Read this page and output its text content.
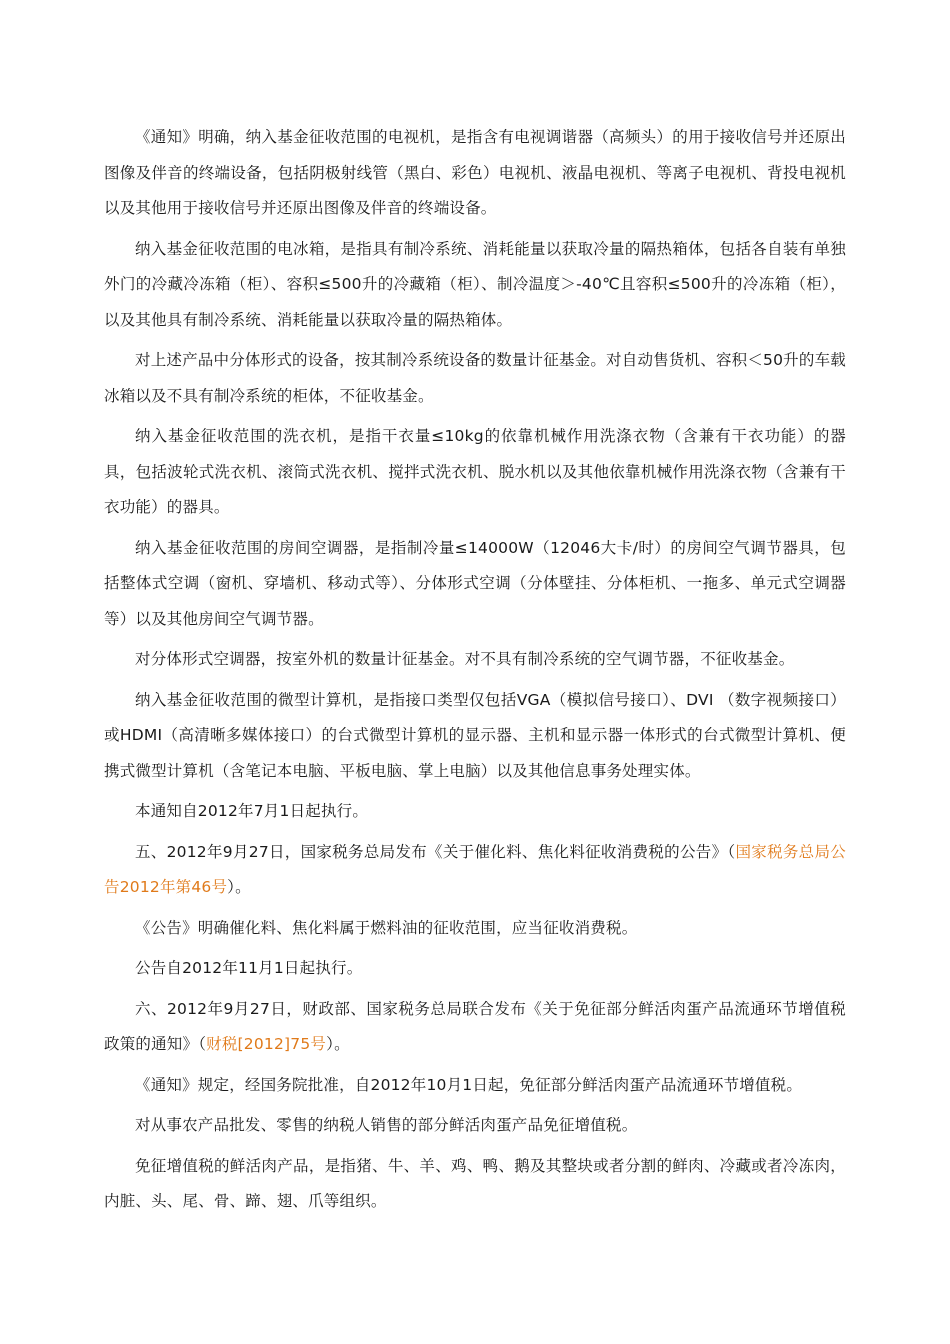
《通知》明确，纳入基金征收范围的电视机，是指含有电视调谐器（高频头）的用于接收信号并还原出图像及伴音的终端设备，包括阴极射线管（黑白、彩色）电视机、液晶电视机、等离子电视机、背投电视机以及其他用于接收信号并还原出图像及伴音的终端设备。

纳入基金征收范围的电冰箱，是指具有制冷系统、消耗能量以获取冷量的隔热箱体，包括各自装有单独外门的冷藏冷冻箱（柜）、容积≤500升的冷藏箱（柜）、制冷温度＞-40℃且容积≤500升的冷冻箱（柜），以及其他具有制冷系统、消耗能量以获取冷量的隔热箱体。

对上述产品中分体形式的设备，按其制冷系统设备的数量计征基金。对自动售货机、容积＜50升的车载冰箱以及不具有制冷系统的柜体，不征收基金。

纳入基金征收范围的洗衣机，是指干衣量≤10kg的依靠机械作用洗涤衣物（含兼有干衣功能）的器具，包括波轮式洗衣机、滚筒式洗衣机、搅拌式洗衣机、脱水机以及其他依靠机械作用洗涤衣物（含兼有干衣功能）的器具。

纳入基金征收范围的房间空调器，是指制冷量≤14000W（12046大卡/时）的房间空气调节器具，包括整体式空调（窗机、穿墙机、移动式等）、分体形式空调（分体壁挂、分体柜机、一拖多、单元式空调器等）以及其他房间空气调节器。

对分体形式空调器，按室外机的数量计征基金。对不具有制冷系统的空气调节器，不征收基金。

纳入基金征收范围的微型计算机，是指接口类型仅包括VGA（模拟信号接口）、DVI （数字视频接口）或HDMI（高清晰多媒体接口）的台式微型计算机的显示器、主机和显示器一体形式的台式微型计算机、便携式微型计算机（含笔记本电脑、平板电脑、掌上电脑）以及其他信息事务处理实体。

本通知自2012年7月1日起执行。

五、2012年9月27日，国家税务总局发布《关于催化料、焦化料征收消费税的公告》（国家税务总局公告2012年第46号）。

《公告》明确催化料、焦化料属于燃料油的征收范围，应当征收消费税。

公告自2012年11月1日起执行。

六、2012年9月27日，财政部、国家税务总局联合发布《关于免征部分鲜活肉蛋产品流通环节增值税政策的通知》（财税[2012]75号）。

《通知》规定，经国务院批准，自2012年10月1日起，免征部分鲜活肉蛋产品流通环节增值税。

对从事农产品批发、零售的纳税人销售的部分鲜活肉蛋产品免征增值税。

免征增值税的鲜活肉产品，是指猪、牛、羊、鸡、鸭、鹅及其整块或者分割的鲜肉、冷藏或者冷冻肉，内脏、头、尾、骨、蹄、翅、爪等组织。
